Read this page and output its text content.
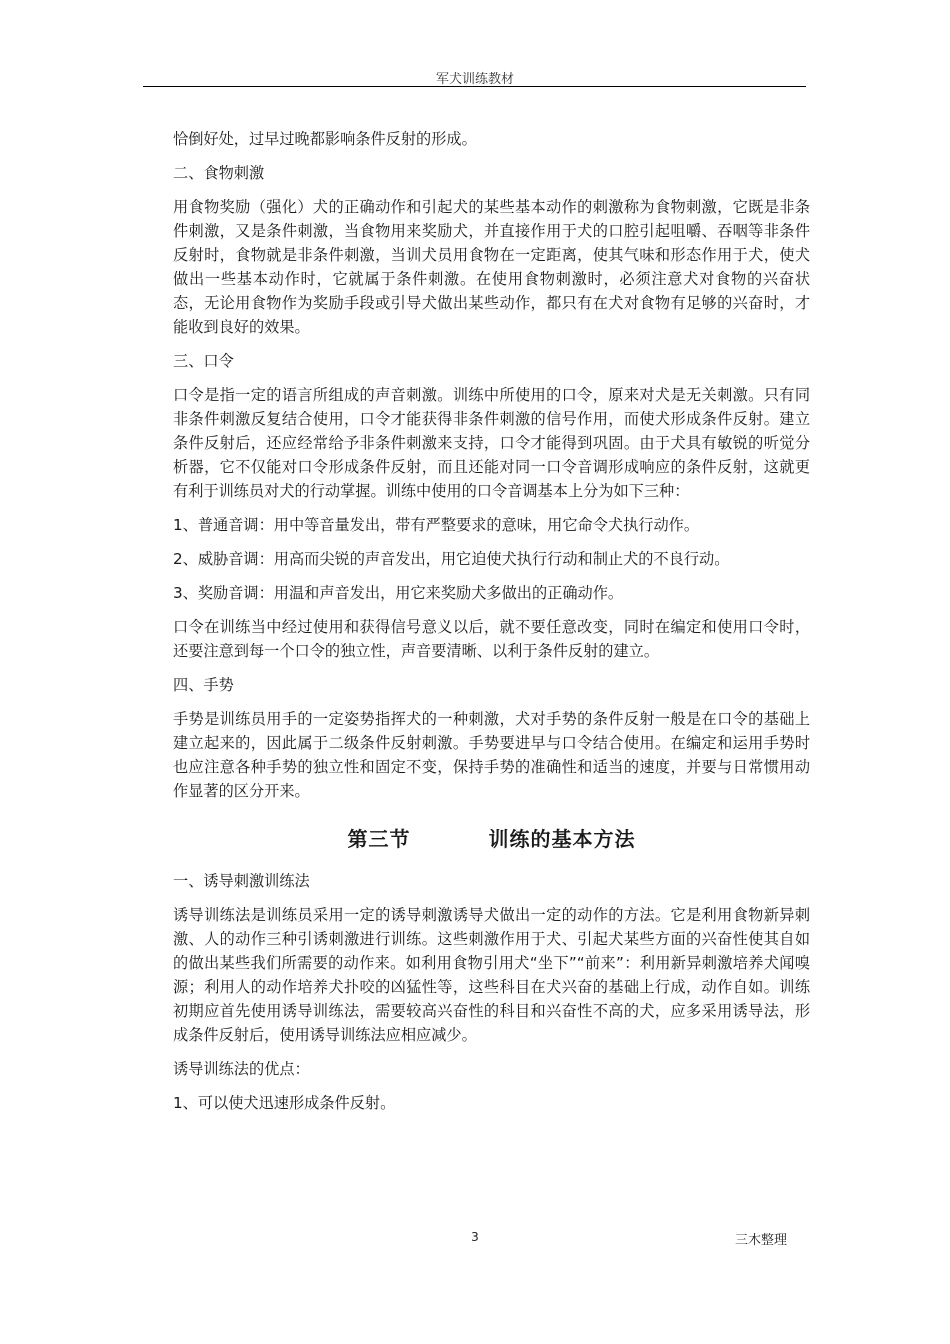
军犬训练教材

恰倒好处，过早过晚都影响条件反射的形成。

二、食物刺激

用食物奖励（强化）犬的正确动作和引起犬的某些基本动作的刺激称为食物刺激，它既是非条件刺激，又是条件刺激，当食物用来奖励犬，并直接作用于犬的口腔引起咀嚼、吞咽等非条件反射时，食物就是非条件刺激，当训犬员用食物在一定距离，使其气味和形态作用于犬，使犬做出一些基本动作时，它就属于条件刺激。在使用食物刺激时，必须注意犬对食物的兴奋状态，无论用食物作为奖励手段或引导犬做出某些动作，都只有在犬对食物有足够的兴奋时，才能收到良好的效果。

三、口令

口令是指一定的语言所组成的声音刺激。训练中所使用的口令，原来对犬是无关刺激。只有同非条件刺激反复结合使用，口令才能获得非条件刺激的信号作用，而使犬形成条件反射。建立条件反射后，还应经常给予非条件刺激来支持，口令才能得到巩固。由于犬具有敏锐的听觉分析器，它不仅能对口令形成条件反射，而且还能对同一口令音调形成响应的条件反射，这就更有利于训练员对犬的行动掌握。训练中使用的口令音调基本上分为如下三种：

1、普通音调：用中等音量发出，带有严整要求的意味，用它命令犬执行动作。

2、威胁音调：用高而尖锐的声音发出，用它迫使犬执行行动和制止犬的不良行动。

3、奖励音调：用温和声音发出，用它来奖励犬多做出的正确动作。

口令在训练当中经过使用和获得信号意义以后，就不要任意改变，同时在编定和使用口令时，还要注意到每一个口令的独立性，声音要清晰、以利于条件反射的建立。

四、手势

手势是训练员用手的一定姿势指挥犬的一种刺激，犬对手势的条件反射一般是在口令的基础上建立起来的，因此属于二级条件反射刺激。手势要进早与口令结合使用。在编定和运用手势时也应注意各种手势的独立性和固定不变，保持手势的准确性和适当的速度，并要与日常惯用动作显著的区分开来。

第三节	训练的基本方法

一、诱导刺激训练法

诱导训练法是训练员采用一定的诱导刺激诱导犬做出一定的动作的方法。它是利用食物新异刺激、人的动作三种引诱刺激进行训练。这些刺激作用于犬、引起犬某些方面的兴奋性使其自如的做出某些我们所需要的动作来。如利用食物引用犬“坐下”“前来”：利用新异刺激培养犬闻嗅源；利用人的动作培养犬扑咬的凶猛性等，这些科目在犬兴奋的基础上行成，动作自如。训练初期应首先使用诱导训练法，需要较高兴奋性的科目和兴奋性不高的犬，应多采用诱导法，形成条件反射后，使用诱导训练法应相应减少。

诱导训练法的优点：

1、可以使犬迅速形成条件反射。

3	三木整理
